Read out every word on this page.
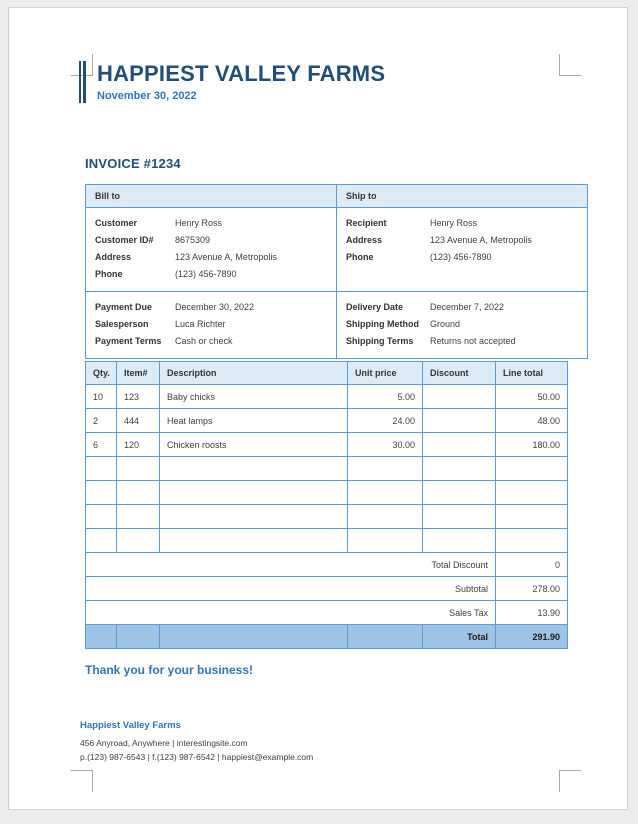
HAPPIEST VALLEY FARMS
November 30, 2022
INVOICE #1234
Bill to	Ship to

Customer	Henry Ross
Customer ID#	8675309
Address	123 Avenue A, Metropolis
Phone	(123) 456-7890

Recipient	Henry Ross
Address	123 Avenue A, Metropolis
Phone	(123) 456-7890

Payment Due	December 30, 2022
Salesperson	Luca Richter
Payment Terms	Cash or check

Delivery Date	December 7, 2022
Shipping Method	Ground
Shipping Terms	Returns not accepted
Qty.	Item#	Description	Unit price	Discount	Line total
10	123	Baby chicks	5.00		50.00
2	444	Heat lamps	24.00		48.00
6	120	Chicken roosts	30.00		180.00

Total Discount					0
Subtotal					278.00
Sales Tax					13.90
				Total	291.90
Thank you for your business!
Happiest Valley Farms
456 Anyroad, Anywhere | interestingsite.com
p.(123) 987-6543 | f.(123) 987-6542 | happiest@example.com
